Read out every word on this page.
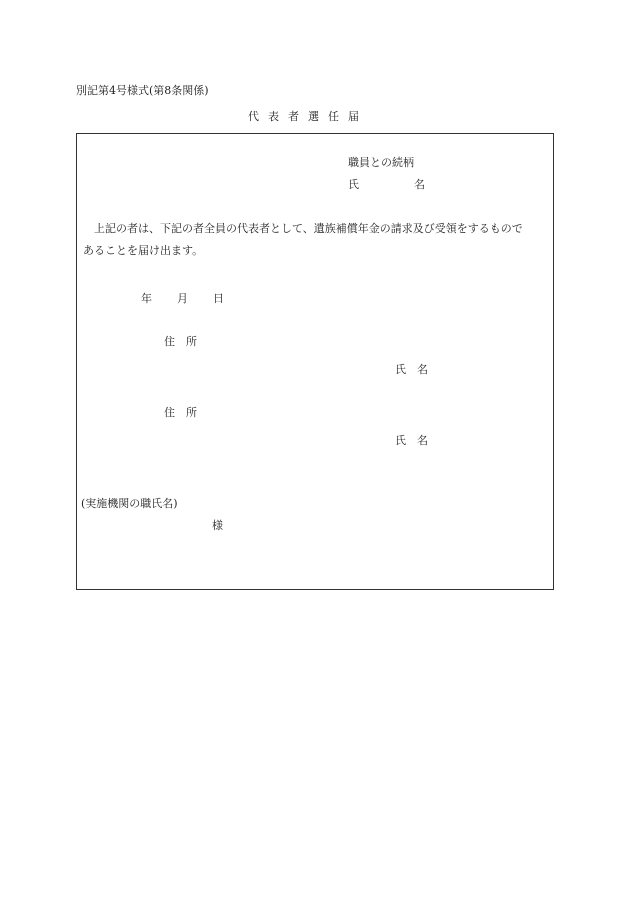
別記第4号様式(第8条関係)
代表者選任届
職員との続柄
氏　　　　　名

上記の者は、下記の者全員の代表者として、遺族補償年金の請求及び受領をするもので

あることを届け出ます。

年 月 日
住　所
氏　名
住　所
氏　名
(実施機関の職氏名)
様
